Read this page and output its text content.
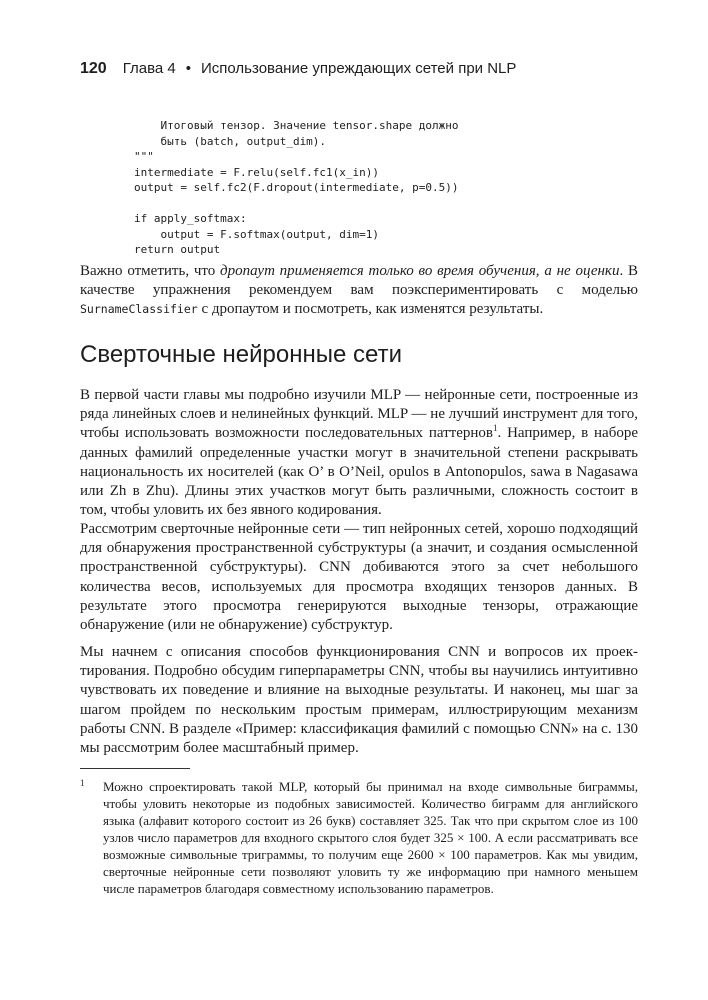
120 Глава 4 • Использование упреждающих сетей при NLP
Итоговый тензор. Значение tensor.shape должно
быть (batch, output_dim).
"""
intermediate = F.relu(self.fc1(x_in))
output = self.fc2(F.dropout(intermediate, p=0.5))
if apply_softmax:
output = F.softmax(output, dim=1)
return output

Важно отметить, что дропаут применяется только во время обучения, а не оценки. В качестве упражнения рекомендуем вам поэкспериментировать с моделью SurnameClassifier с дропаутом и посмотреть, как изменятся результаты.

Сверточные нейронные сети

В первой части главы мы подробно изучили MLP — нейронные сети, построенные из ряда линейных слоев и нелинейных функций. MLP — не лучший инструмент для того, чтобы использовать возможности последовательных паттернов$^1$. Например, в наборе данных фамилий определенные участки могут в значительной степени раскрывать национальность их носителей (как O’ в O’Neil, opulos в Antonopulos, sawa в Nagasawa или Zh в Zhu). Длины этих участков могут быть различными, сложность состоит в том, чтобы уловить их без явного кодирования.

Рассмотрим сверточные нейронные сети — тип нейронных сетей, хорошо подходящий для обнаружения пространственной субструктуры (а значит, и создания осмысленной пространственной субструктуры). CNN добиваются этого за счет небольшого количества весов, используемых для просмотра входящих тензоров данных. В результате этого просмотра генерируются выходные тензоры, отражающие обнаружение (или не обнаружение) субструктур.

Мы начнем с описания способов функционирования CNN и вопросов их проектирования. Подробно обсудим гиперпараметры CNN, чтобы вы научились интуитивно чувствовать их поведение и влияние на выходные результаты. И наконец, мы шаг за шагом пройдем по нескольким простым примерам, иллюстрирующим механизм работы CNN. В разделе «Пример: классификация фамилий с помощью CNN» на с. 130 мы рассмотрим более масштабный пример.

1 Можно спроектировать такой MLP, который бы принимал на входе символьные биграммы, чтобы уловить некоторые из подобных зависимостей. Количество биграмм для английского языка (алфавит которого состоит из 26 букв) составляет 325. Так что при скрытом слое из 100 узлов число параметров для входного скрытого слоя будет 325 × 100. А если рассматривать все возможные символьные триграммы, то получим еще 2600 × 100 параметров. Как мы увидим, сверточные нейронные сети позволяют уловить ту же информацию при намного меньшем числе параметров благодаря совместному использованию параметров.
